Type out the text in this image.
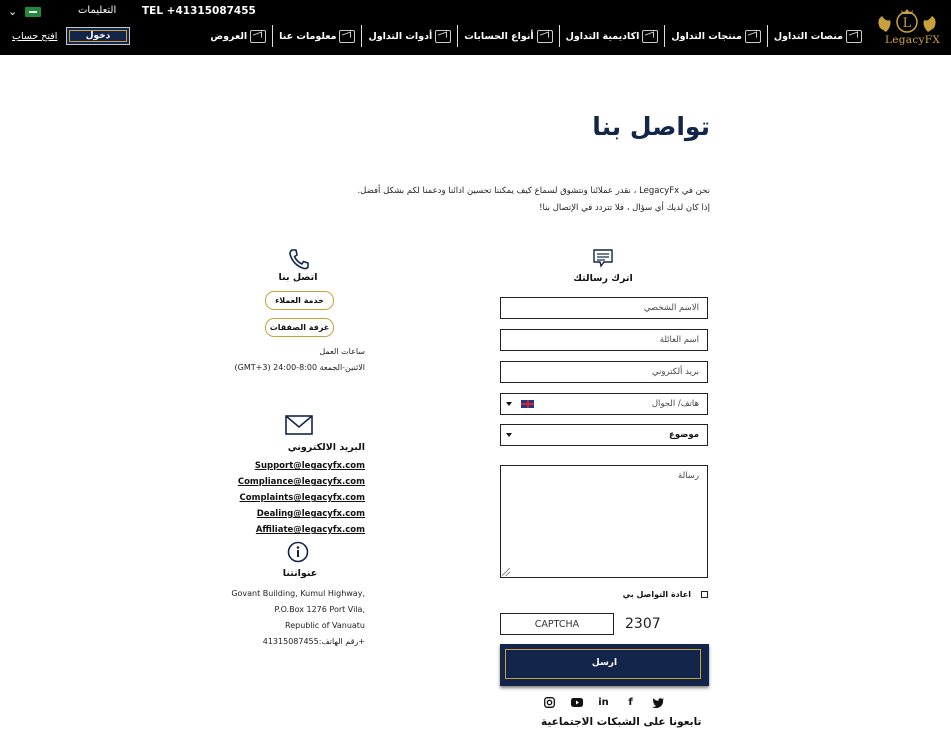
⌄	التعليمات TEL +41315087455
افتح حساب	دخول	منصات التداول
منتجات التداول
اكاديمية التداول
أنواع الحسابات
أدوات التداول
معلومات عنا
العروض
L
LegacyFX
تواصل بنا

نحن في LegacyFx ، نقدر عملائنا ونتشوق لسماع كيف يمكننا تحسين ادائنا ودعمنا لكم بشكل أفضل.

إذا كان لديك أي سؤال ، فلا تتردد في الإتصال بنا!

اترك رسالتك
الاسم الشخصي
اسم العائلة
بريد ألكتروني
هاتف/ الجوال
موضوع
رسالة
اعادة التواصل بي
CAPTCHA	2307
ارسل
in	f
تابعونا على الشبكات الاجتماعية
اتصل بنا
خدمة العملاء
غرفة الصفقات
ساعات العمل
الاثنين-الجمعة 8:00-24:00 (GMT+3)
البريد الالكتروني
Support@legacyfx.com
Compliance@legacyfx.com
Complaints@legacyfx.com
Dealing@legacyfx.com
Affiliate@legacyfx.com
عنوانتنا
Govant Building, Kumul Highway,
P.O.Box 1276 Port Vila,
Republic of Vanuatu
رقم الهاتف:41315087455+
